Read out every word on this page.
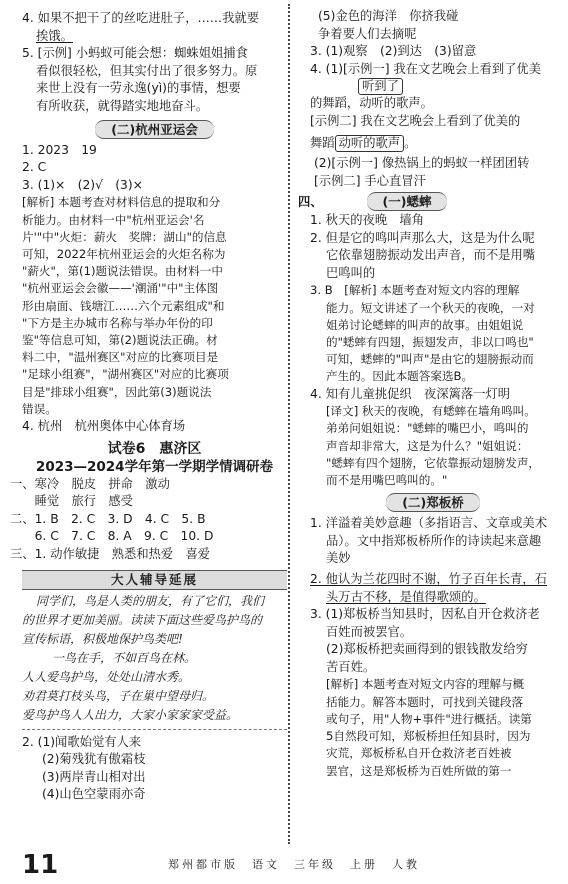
4. 如果不把干了的丝吃进肚子，……我就要
挨饿。
5. [示例] 小蚂蚁可能会想：蜘蛛姐姐捕食
看似很轻松，但其实付出了很多努力。原
来世上没有一劳永逸(yì)的事情，想要
有所收获，就得踏实地地奋斗。
(二)杭州亚运会
1. 2023　19
2. C
3. (1)×　(2)√　(3)×
[解析] 本题考查对材料信息的提取和分
析能力。由材料一中"杭州亚运会'名
片'"中"火炬：薪火　奖牌：湖山"的信息
可知，2022年杭州亚运会的火炬名称为
"薪火"，第(1)题说法错误。由材料一中
"杭州亚运会会徽——'潮涌'"中"主体图
形由扇面、钱塘江……六个元素组成"和
"下方是主办城市名称与举办年份的印
鉴"等信息可知，第(2)题说法正确。材
料二中，"温州赛区"对应的比赛项目是
"足球小组赛"，"湖州赛区"对应的比赛项
目是"排球小组赛"，因此第(3)题说法
错误。
4. 杭州　杭州奥体中心体育场
试卷6　惠济区
2023—2024学年第一学期学情调研卷
一、寒冷　脱皮　拼命　激动
　　睡觉　旅行　感受
二、1. B　2. C　3. D　4. C　5. B
　　6. C　7. C　8. A　9. C　10. D
三、1. 动作敏捷　熟悉和热爱　喜爱
大人辅导延展
同学们，鸟是人类的朋友，有了它们，我们
的世界才更加美丽。读读下面这些爱鸟护鸟的
宣传标语，积极地保护鸟类吧!
一鸟在手，不如百鸟在林。
人人爱鸟护鸟，处处山清水秀。
劝君莫打枝头鸟，子在巢中望母归。
爱鸟护鸟人人出力，大家小家家家受益。
2. (1)闻歌始觉有人来
(2)菊残犹有傲霜枝
(3)两岸青山相对出
(4)山色空蒙雨亦奇
(5)金色的海洋　你挤我碰
争着要人们去摘呢
3. (1)观察　(2)到达　(3)留意
4. (1)[示例一] 我在文艺晚会上看到了优美
听到了
的舞蹈，动听的歌声。
[示例二] 我在文艺晚会上看到了优美的
舞蹈 动听的歌声 。
(2)[示例一] 像热锅上的蚂蚁一样团团转
[示例二] 手心直冒汗
四、	(一)蟋蟀
1. 秋天的夜晚　墙角
2. 但是它的鸣叫声那么大，这是为什么呢
它依靠翅膀振动发出声音，而不是用嘴
巴鸣叫的
3. B　[解析] 本题考查对短文内容的理解
能力。短文讲述了一个秋天的夜晚，一对
姐弟讨论蟋蟀的叫声的故事。由姐姐说
的"蟋蟀有四翅，振翅发声，非以口鸣也"
可知，蟋蟀的"叫声"是由它的翅膀振动而
产生的。因此本题答案选B。
4. 知有儿童挑促织　夜深篱落一灯明
[译文] 秋天的夜晚，有蟋蟀在墙角鸣叫。
弟弟问姐姐说："蟋蟀的嘴巴小，鸣叫的
声音却非常大，这是为什么？"姐姐说：
"蟋蟀有四个翅膀，它依靠振动翅膀发声，
而不是用嘴巴鸣叫的。"
(二)郑板桥
1. 洋溢着美妙意趣（多指语言、文章或美术
品）。文中指郑板桥所作的诗读起来意趣
美妙
2. 他认为兰花四时不谢，竹子百年长青，石
头万古不移，是值得歌颂的。
3. (1)郑板桥当知县时，因私自开仓救济老
百姓而被罢官。
(2)郑板桥把卖画得到的银钱散发给穷
苦百姓。
[解析] 本题考查对短文内容的理解与概
括能力。解答本题时，可找到关键段落
或句子，用"人物+事件"进行概括。读第
5自然段可知，郑板桥担任知县时，因为
灾荒，郑板桥私自开仓救济老百姓被
罢官，这是郑板桥为百姓所做的第一
11	郑州都市版　语文　三年级　上册　人教
